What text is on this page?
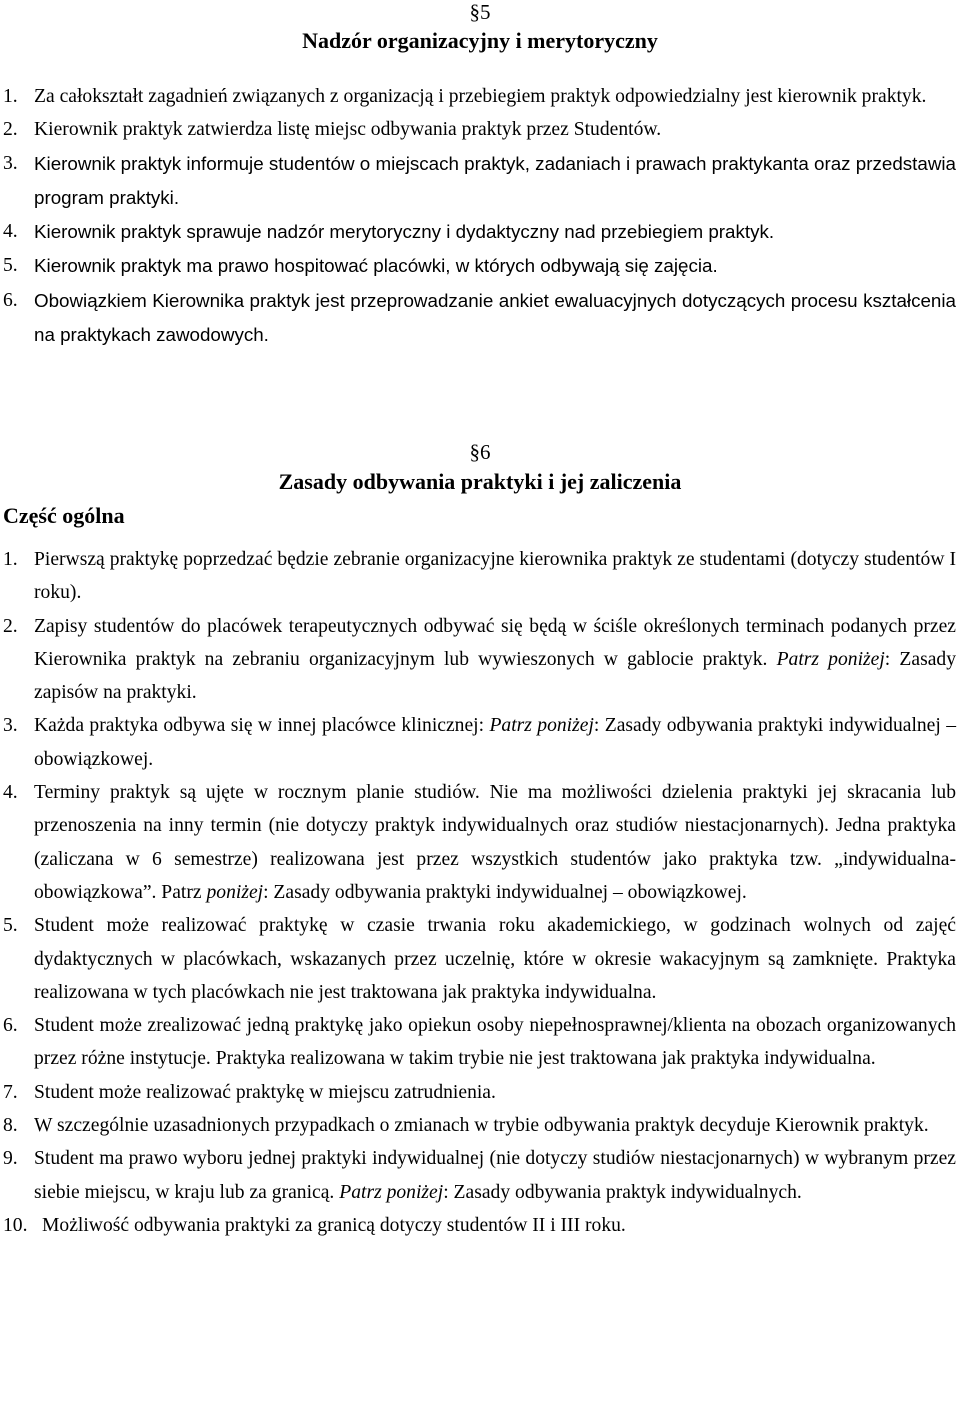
§5
Nadzór organizacyjny i merytoryczny
1. Za całokształt zagadnień związanych z organizacją i przebiegiem praktyk odpowiedzialny jest kierownik praktyk.
2. Kierownik praktyk zatwierdza listę miejsc odbywania praktyk przez Studentów.
3. Kierownik praktyk informuje studentów o miejscach praktyk, zadaniach i prawach praktykanta oraz przedstawia program praktyki.
4. Kierownik praktyk sprawuje nadzór merytoryczny i dydaktyczny nad przebiegiem praktyk.
5. Kierownik praktyk ma prawo hospitować placówki, w których odbywają się zajęcia.
6. Obowiązkiem Kierownika praktyk jest przeprowadzanie ankiet ewaluacyjnych dotyczących procesu kształcenia na praktykach zawodowych.
§6
Zasady odbywania praktyki i jej zaliczenia
Część ogólna
1. Pierwszą praktykę poprzedzać będzie zebranie organizacyjne kierownika praktyk ze studentami (dotyczy studentów I roku).
2. Zapisy studentów do placówek terapeutycznych odbywać się będą w ściśle określonych terminach podanych przez Kierownika praktyk na zebraniu organizacyjnym lub wywieszonych w gablocie praktyk. Patrz poniżej: Zasady zapisów na praktyki.
3. Każda praktyka odbywa się w innej placówce klinicznej: Patrz poniżej: Zasady odbywania praktyki indywidualnej – obowiązkowej.
4. Terminy praktyk są ujęte w rocznym planie studiów. Nie ma możliwości dzielenia praktyki jej skracania lub przenoszenia na inny termin (nie dotyczy praktyk indywidualnych oraz studiów niestacjonarnych). Jedna praktyka (zaliczana w 6 semestrze) realizowana jest przez wszystkich studentów jako praktyka tzw. „indywidualna- obowiązkowa”. Patrz poniżej: Zasady odbywania praktyki indywidualnej – obowiązkowej.
5. Student może realizować praktykę w czasie trwania roku akademickiego, w godzinach wolnych od zajęć dydaktycznych w placówkach, wskazanych przez uczelnię, które w okresie wakacyjnym są zamknięte. Praktyka realizowana w tych placówkach nie jest traktowana jak praktyka indywidualna.
6. Student może zrealizować jedną praktykę jako opiekun osoby niepełnosprawnej/klienta na obozach organizowanych przez różne instytucje. Praktyka realizowana w takim trybie nie jest traktowana jak praktyka indywidualna.
7. Student może realizować praktykę w miejscu zatrudnienia.
8. W szczególnie uzasadnionych przypadkach o zmianach w trybie odbywania praktyk decyduje Kierownik praktyk.
9. Student ma prawo wyboru jednej praktyki indywidualnej (nie dotyczy studiów niestacjonarnych) w wybranym przez siebie miejscu, w kraju lub za granicą. Patrz poniżej: Zasady odbywania praktyk indywidualnych.
10. Możliwość odbywania praktyki za granicą dotyczy studentów II i III roku.
